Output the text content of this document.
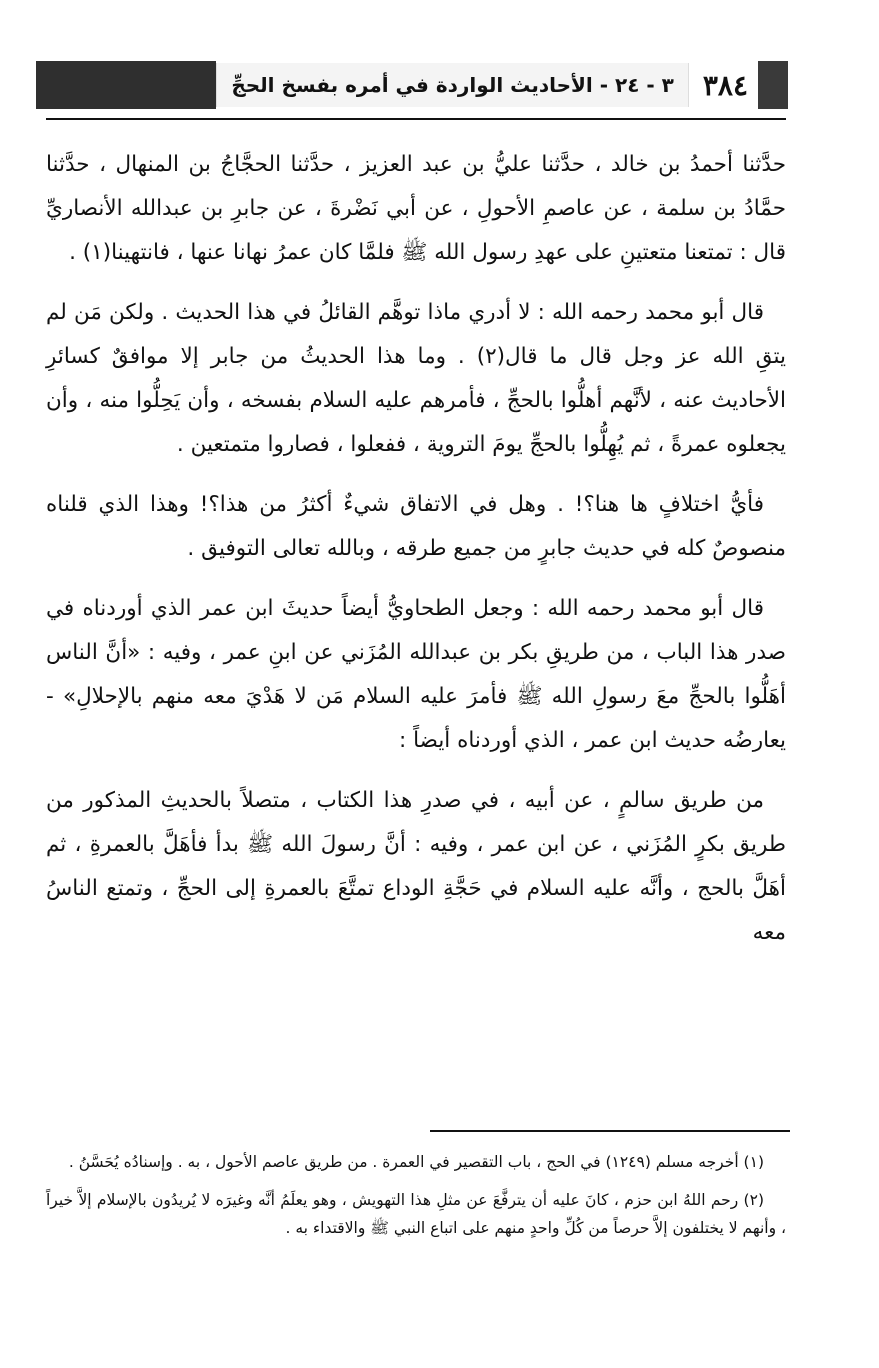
٣٨٤
٣ - ٢٤ - الأحاديث الواردة في أمره بفسخ الحجِّ

حدَّثنا أحمدُ بن خالد ، حدَّثنا عليُّ بن عبد العزيز ، حدَّثنا الحجَّاجُ بن المنهال ، حدَّثنا حمَّادُ بن سلمة ، عن عاصمِ الأحولِ ، عن أبي نَضْرةَ ، عن جابرِ بن عبدالله الأنصاريِّ قال : تمتعنا متعتينِ على عهدِ رسول الله ﷺ فلمَّا كان عمرُ نهانا عنها ، فانتهينا(١) .

قال أبو محمد رحمه الله : لا أدري ماذا توهَّم القائلُ في هذا الحديث . ولكن مَن لم يتقِ الله عز وجل قال ما قال(٢) . وما هذا الحديثُ من جابر إلا موافقٌ كسائرِ الأحاديث عنه ، لأنَّهم أهلُّوا بالحجِّ ، فأمرهم عليه السلام بفسخه ، وأن يَحِلُّوا منه ، وأن يجعلوه عمرةً ، ثم يُهِلُّوا بالحجِّ يومَ التروية ، ففعلوا ، فصاروا متمتعين .

فأيُّ اختلافٍ ها هنا؟! . وهل في الاتفاق شيءٌ أكثرُ من هذا؟! وهذا الذي قلناه منصوصٌ كله في حديث جابرٍ من جميع طرقه ، وبالله تعالى التوفيق .

قال أبو محمد رحمه الله : وجعل الطحاويُّ أيضاً حديثَ ابن عمر الذي أوردناه في صدر هذا الباب ، من طريقِ بكر بن عبدالله المُزَني عن ابنِ عمر ، وفيه : «أنَّ الناس أهَلُّوا بالحجِّ معَ رسولِ الله ﷺ فأمرَ عليه السلام مَن لا هَدْيَ معه منهم بالإحلالِ» - يعارضُه حديث ابن عمر ، الذي أوردناه أيضاً :

من طريق سالمٍ ، عن أبيه ، في صدرِ هذا الكتاب ، متصلاً بالحديثِ المذكور من طريق بكرٍ المُزَني ، عن ابن عمر ، وفيه : أنَّ رسولَ الله ﷺ بدأ فأهَلَّ بالعمرةِ ، ثم أهَلَّ بالحج ، وأنَّه عليه السلام في حَجَّةِ الوداع تمتَّعَ بالعمرةِ إلى الحجِّ ، وتمتع الناسُ معه

(١) أخرجه مسلم (١٢٤٩) في الحج ، باب التقصير في العمرة . من طريق عاصم الأحول ، به . وإسنادُه يُحَسَّنُ .

(٢) رحم اللهُ ابن حزم ، كانَ عليه أن يترفَّعَ عن مثلِ هذا التهويش ، وهو يعلَمُ أنَّه وغيرَه لا يُريدُون بالإسلام إلاَّ خيراً ، وأنهم لا يختلفون إلاَّ حرصاً من كُلِّ واحدٍ منهم على اتباع النبي ﷺ والاقتداء به .
